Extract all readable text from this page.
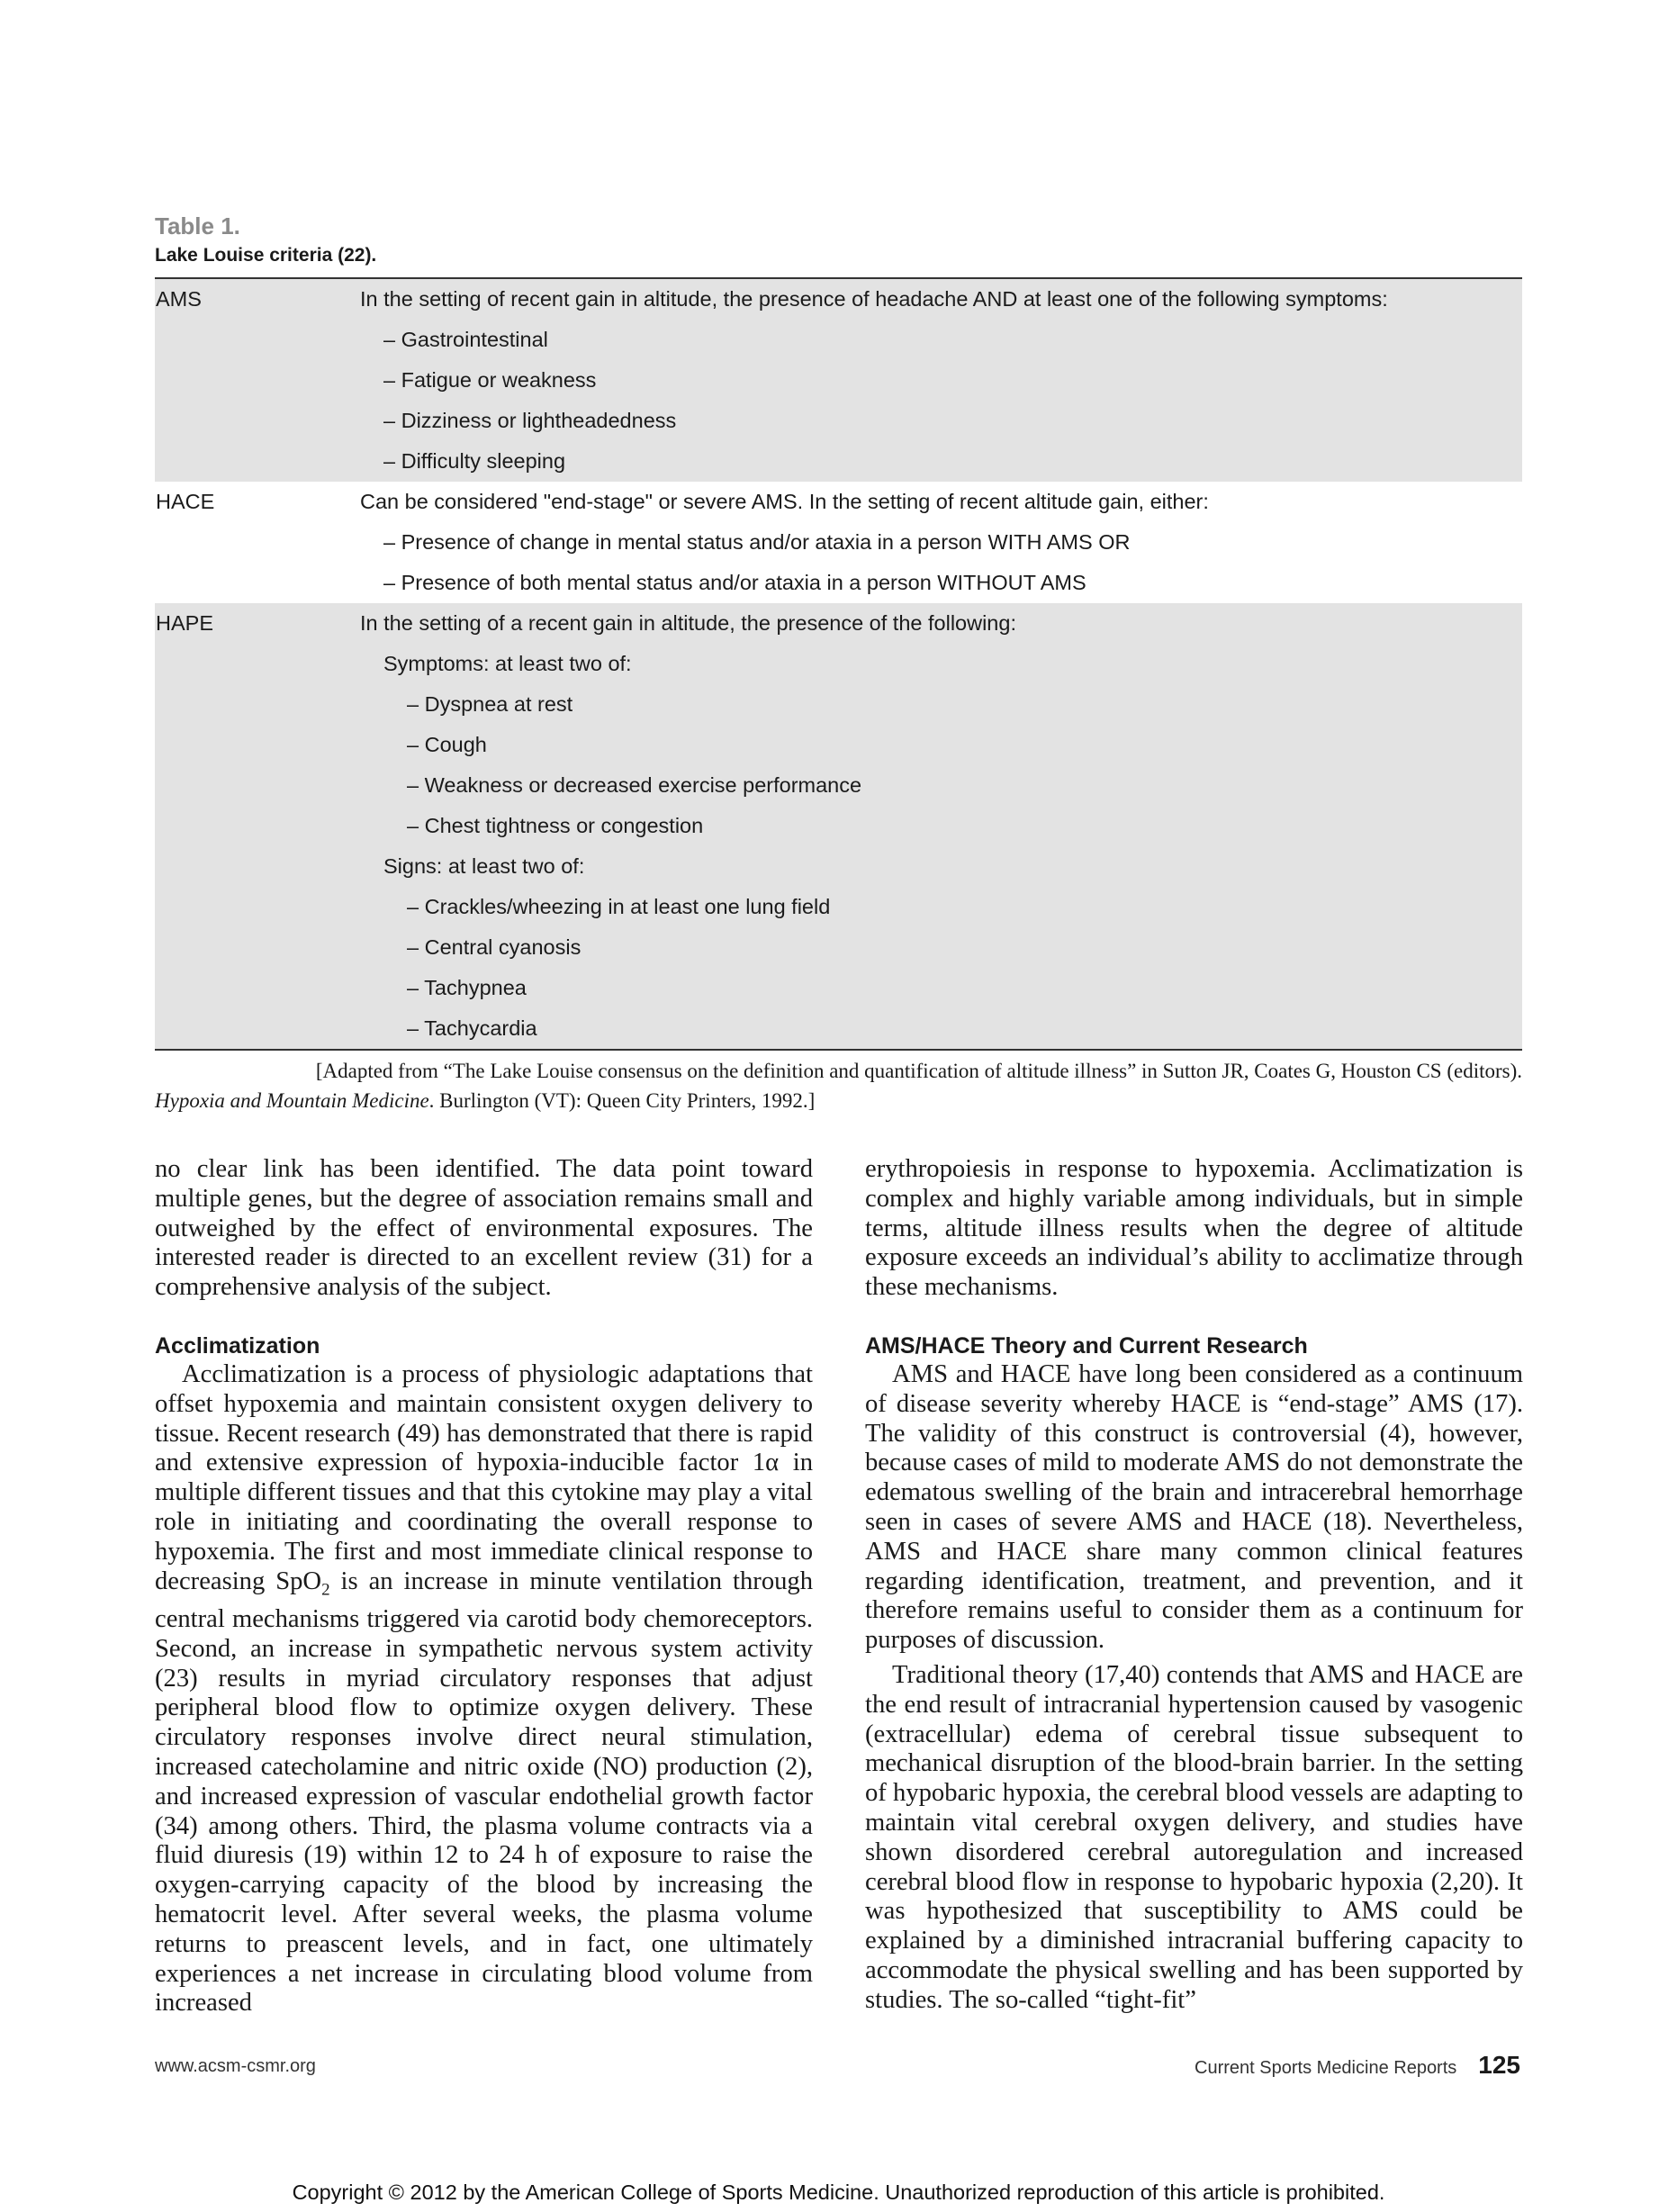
Table 1.
Lake Louise criteria (22).
AMS	In the setting of recent gain in altitude, the presence of headache AND at least one of the following symptoms:
– Gastrointestinal
– Fatigue or weakness
– Dizziness or lightheadedness
– Difficulty sleeping
HACE	Can be considered "end-stage" or severe AMS. In the setting of recent altitude gain, either:
– Presence of change in mental status and/or ataxia in a person WITH AMS OR
– Presence of both mental status and/or ataxia in a person WITHOUT AMS
HAPE	In the setting of a recent gain in altitude, the presence of the following:
Symptoms: at least two of:
– Dyspnea at rest
– Cough
– Weakness or decreased exercise performance
– Chest tightness or congestion
Signs: at least two of:
– Crackles/wheezing in at least one lung field
– Central cyanosis
– Tachypnea
– Tachycardia
[Adapted from “The Lake Louise consensus on the definition and quantification of altitude illness” in Sutton JR, Coates G, Houston CS (editors).
Hypoxia and Mountain Medicine. Burlington (VT): Queen City Printers, 1992.]

no clear link has been identified. The data point toward multiple genes, but the degree of association remains small and outweighed by the effect of environmental exposures. The interested reader is directed to an excellent review (31) for a comprehensive analysis of the subject.

Acclimatization

Acclimatization is a process of physiologic adaptations that offset hypoxemia and maintain consistent oxygen delivery to tissue. Recent research (49) has demonstrated that there is rapid and extensive expression of hypoxia-inducible factor 1α in multiple different tissues and that this cytokine may play a vital role in initiating and coordinating the overall response to hypoxemia. The first and most immediate clinical response to decreasing SpO$_2$ is an increase in minute ventilation through central mechanisms triggered via carotid body chemoreceptors. Second, an increase in sympathetic nervous system activity (23) results in myriad circulatory responses that adjust peripheral blood flow to optimize oxygen delivery. These circulatory responses involve direct neural stimulation, increased catecholamine and nitric oxide (NO) production (2), and increased expression of vascular endothelial growth factor (34) among others. Third, the plasma volume contracts via a fluid diuresis (19) within 12 to 24 h of exposure to raise the oxygen-carrying capacity of the blood by increasing the hematocrit level. After several weeks, the plasma volume returns to preascent levels, and in fact, one ultimately experiences a net increase in circulating blood volume from increased

erythropoiesis in response to hypoxemia. Acclimatization is complex and highly variable among individuals, but in simple terms, altitude illness results when the degree of altitude exposure exceeds an individual’s ability to acclimatize through these mechanisms.

AMS/HACE Theory and Current Research

AMS and HACE have long been considered as a continuum of disease severity whereby HACE is “end-stage” AMS (17). The validity of this construct is controversial (4), however, because cases of mild to moderate AMS do not demonstrate the edematous swelling of the brain and intracerebral hemorrhage seen in cases of severe AMS and HACE (18). Nevertheless, AMS and HACE share many common clinical features regarding identification, treatment, and prevention, and it therefore remains useful to consider them as a continuum for purposes of discussion.

Traditional theory (17,40) contends that AMS and HACE are the end result of intracranial hypertension caused by vasogenic (extracellular) edema of cerebral tissue subsequent to mechanical disruption of the blood-brain barrier. In the setting of hypobaric hypoxia, the cerebral blood vessels are adapting to maintain vital cerebral oxygen delivery, and studies have shown disordered cerebral autoregulation and increased cerebral blood flow in response to hypobaric hypoxia (2,20). It was hypothesized that susceptibility to AMS could be explained by a diminished intracranial buffering capacity to accommodate the physical swelling and has been supported by studies. The so-called “tight-fit”

www.acsm-csmr.org	Current Sports Medicine Reports 125
Copyright © 2012 by the American College of Sports Medicine. Unauthorized reproduction of this article is prohibited.
